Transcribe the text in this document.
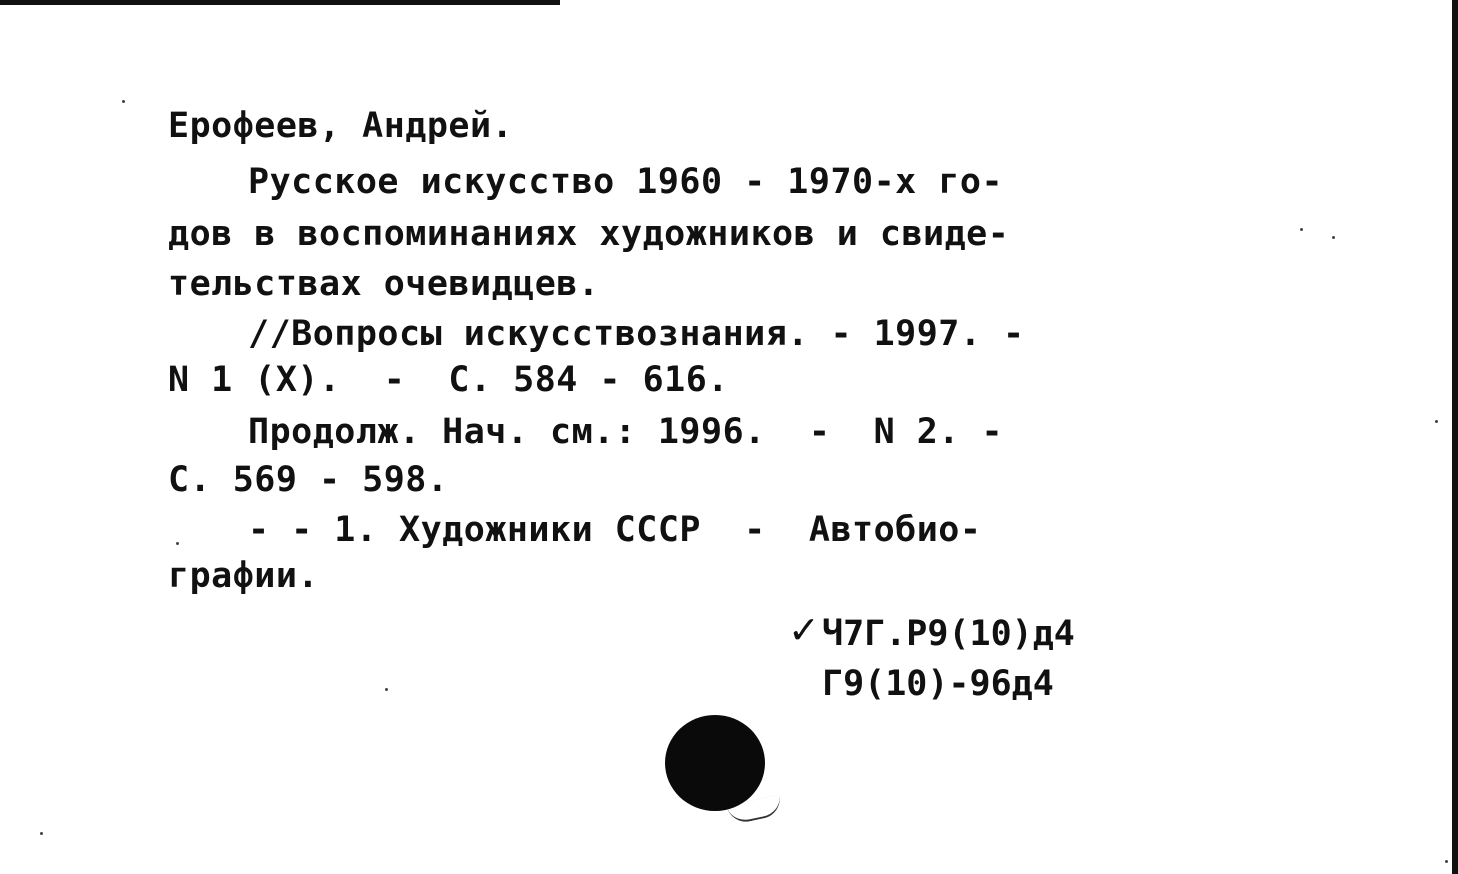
Ерофеев, Андрей.
Русское искусство 1960 - 1970-х го-
дов в воспоминаниях художников и свиде-
тельствах очевидцев.
//Вопросы искусствознания. - 1997. -
N 1 (X).  -  С. 584 - 616.
Продолж. Нач. см.: 1996.  -  N 2. -
С. 569 - 598.
- - 1. Художники СССР  -  Автобио-
графии.
✓ Ч7Г.Р9(10)д4
Г9(10)-96д4
